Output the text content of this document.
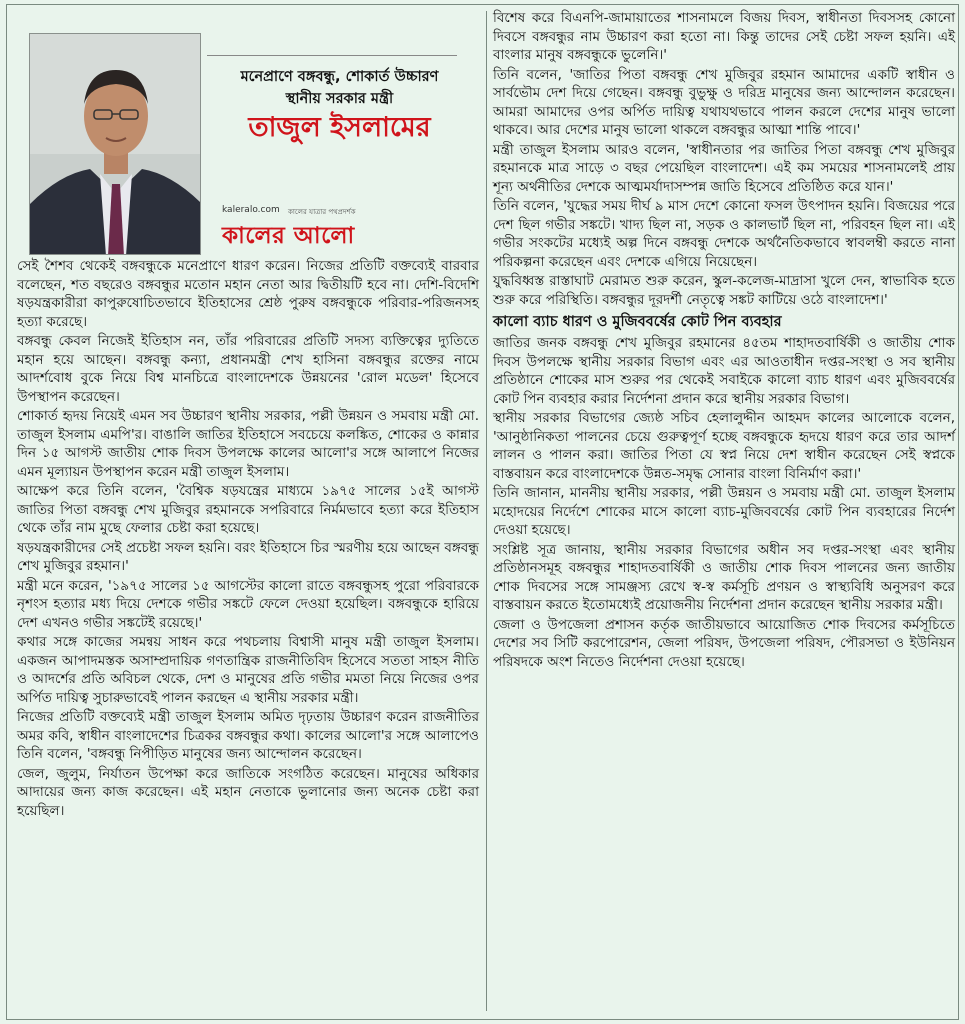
মনেপ্রাণে বঙ্গবন্ধু, শোকার্ত উচ্চারণ
স্থানীয় সরকার মন্ত্রী
তাজুল ইসলামের
kaleralo.com কালের যাত্রার পথপ্রদর্শক
কালের আলো

সেই শৈশব থেকেই বঙ্গবন্ধুকে মনেপ্রাণে ধারণ করেন। নিজের প্রতিটি বক্তব্যেই বারবার বলেছেন, শত বছরেও বঙ্গবন্ধুর মতোন মহান নেতা আর দ্বিতীয়টি হবে না। দেশি-বিদেশি ষড়যন্ত্রকারীরা কাপুরুষোচিতভাবে ইতিহাসের শ্রেষ্ঠ পুরুষ বঙ্গবন্ধুকে পরিবার-পরিজনসহ হত্যা করেছে।

বঙ্গবন্ধু কেবল নিজেই ইতিহাস নন, তাঁর পরিবারের প্রতিটি সদস্য ব্যক্তিত্বের দ্যুতিতে মহান হয়ে আছেন। বঙ্গবন্ধু কন্যা, প্রধানমন্ত্রী শেখ হাসিনা বঙ্গবন্ধুর রক্তের নামে আদর্শবোধ বুকে নিয়ে বিশ্ব মানচিত্রে বাংলাদেশকে উন্নয়নের 'রোল মডেল' হিসেবে উপস্থাপন করেছেন।

শোকার্ত হৃদয় নিয়েই এমন সব উচ্চারণ স্থানীয় সরকার, পল্লী উন্নয়ন ও সমবায় মন্ত্রী মো. তাজুল ইসলাম এমপি'র। বাঙালি জাতির ইতিহাসে সবচেয়ে কলঙ্কিত, শোকের ও কান্নার দিন ১৫ আগস্ট জাতীয় শোক দিবস উপলক্ষে কালের আলো'র সঙ্গে আলাপে নিজের এমন মূল্যায়ন উপস্থাপন করেন মন্ত্রী তাজুল ইসলাম।

আক্ষেপ করে তিনি বলেন, 'বৈশ্বিক ষড়যন্ত্রের মাধ্যমে ১৯৭৫ সালের ১৫ই আগস্ট জাতির পিতা বঙ্গবন্ধু শেখ মুজিবুর রহমানকে সপরিবারে নির্মমভাবে হত্যা করে ইতিহাস থেকে তাঁর নাম মুছে ফেলার চেষ্টা করা হয়েছে।

ষড়যন্ত্রকারীদের সেই প্রচেষ্টা সফল হয়নি। বরং ইতিহাসে চির স্মরণীয় হয়ে আছেন বঙ্গবন্ধু শেখ মুজিবুর রহমান।'

মন্ত্রী মনে করেন, '১৯৭৫ সালের ১৫ আগস্টের কালো রাতে বঙ্গবন্ধুসহ পুরো পরিবারকে নৃশংস হত্যার মধ্য দিয়ে দেশকে গভীর সঙ্কটে ফেলে দেওয়া হয়েছিল। বঙ্গবন্ধুকে হারিয়ে দেশ এখনও গভীর সঙ্কটেই রয়েছে।'

কথার সঙ্গে কাজের সমন্বয় সাধন করে পথচলায় বিশ্বাসী মানুষ মন্ত্রী তাজুল ইসলাম। একজন আপাদমস্তক অসাম্প্রদায়িক গণতান্ত্রিক রাজনীতিবিদ হিসেবে সততা সাহস নীতি ও আদর্শের প্রতি অবিচল থেকে, দেশ ও মানুষের প্রতি গভীর মমতা নিয়ে নিজের ওপর অর্পিত দায়িত্ব সুচারুভাবেই পালন করছেন এ স্থানীয় সরকার মন্ত্রী।

নিজের প্রতিটি বক্তব্যেই মন্ত্রী তাজুল ইসলাম অমিত দৃঢ়তায় উচ্চারণ করেন রাজনীতির অমর কবি, স্বাধীন বাংলাদেশের চিত্রকর বঙ্গবন্ধুর কথা। কালের আলো'র সঙ্গে আলাপেও তিনি বলেন, 'বঙ্গবন্ধু নিপীড়িত মানুষের জন্য আন্দোলন করেছেন।

জেল, জুলুম, নির্যাতন উপেক্ষা করে জাতিকে সংগঠিত করেছেন। মানুষের অধিকার আদায়ের জন্য কাজ করেছেন। এই মহান নেতাকে ভুলানোর জন্য অনেক চেষ্টা করা হয়েছিল।

বিশেষ করে বিএনপি-জামায়াতের শাসনামলে বিজয় দিবস, স্বাধীনতা দিবসসহ কোনো দিবসে বঙ্গবন্ধুর নাম উচ্চারণ করা হতো না। কিন্তু তাদের সেই চেষ্টা সফল হয়নি। এই বাংলার মানুষ বঙ্গবন্ধুকে ভুলেনি।'

তিনি বলেন, 'জাতির পিতা বঙ্গবন্ধু শেখ মুজিবুর রহমান আমাদের একটি স্বাধীন ও সার্বভৌম দেশ দিয়ে গেছেন। বঙ্গবন্ধু বুভুক্ষু ও দরিদ্র মানুষের জন্য আন্দোলন করেছেন। আমরা আমাদের ওপর অর্পিত দায়িত্ব যথাযথভাবে পালন করলে দেশের মানুষ ভালো থাকবে। আর দেশের মানুষ ভালো থাকলে বঙ্গবন্ধুর আত্মা শান্তি পাবে।'

মন্ত্রী তাজুল ইসলাম আরও বলেন, 'স্বাধীনতার পর জাতির পিতা বঙ্গবন্ধু শেখ মুজিবুর রহমানকে মাত্র সাড়ে ৩ বছর পেয়েছিল বাংলাদেশ। এই কম সময়ের শাসনামলেই প্রায় শূন্য অর্থনীতির দেশকে আত্মমর্যাদাসম্পন্ন জাতি হিসেবে প্রতিষ্ঠিত করে যান।'

তিনি বলেন, 'যুদ্ধের সময় দীর্ঘ ৯ মাস দেশে কোনো ফসল উৎপাদন হয়নি। বিজয়ের পরে দেশ ছিল গভীর সঙ্কটে। খাদ্য ছিল না, সড়ক ও কালভার্ট ছিল না, পরিবহন ছিল না। এই গভীর সংকটের মধ্যেই অল্প দিনে বঙ্গবন্ধু দেশকে অর্থনৈতিকভাবে স্বাবলম্বী করতে নানা পরিকল্পনা করেছেন এবং দেশকে এগিয়ে নিয়েছেন।

যুদ্ধবিধ্বস্ত রাস্তাঘাট মেরামত শুরু করেন, স্কুল-কলেজ-মাদ্রাসা খুলে দেন, স্বাভাবিক হতে শুরু করে পরিস্থিতি। বঙ্গবন্ধুর দূরদর্শী নেতৃত্বে সঙ্কট কাটিয়ে ওঠে বাংলাদেশ।'

কালো ব্যাচ ধারণ ও মুজিববর্ষের কোট পিন ব্যবহার

জাতির জনক বঙ্গবন্ধু শেখ মুজিবুর রহমানের ৪৫তম শাহাদতবার্ষিকী ও জাতীয় শোক দিবস উপলক্ষে স্থানীয় সরকার বিভাগ এবং এর আওতাধীন দপ্তর-সংস্থা ও সব স্থানীয় প্রতিষ্ঠানে শোকের মাস শুরুর পর থেকেই সবাইকে কালো ব্যাচ ধারণ এবং মুজিববর্ষের কোট পিন ব্যবহার করার নির্দেশনা প্রদান করে স্থানীয় সরকার বিভাগ।

স্থানীয় সরকার বিভাগের জ্যেষ্ঠ সচিব হেলালুদ্দীন আহমদ কালের আলোকে বলেন, 'আনুষ্ঠানিকতা পালনের চেয়ে গুরুত্বপূর্ণ হচ্ছে বঙ্গবন্ধুকে হৃদয়ে ধারণ করে তার আদর্শ লালন ও পালন করা। জাতির পিতা যে স্বপ্ন নিয়ে দেশ স্বাধীন করেছেন সেই স্বপ্নকে বাস্তবায়ন করে বাংলাদেশকে উন্নত-সমৃদ্ধ সোনার বাংলা বিনির্মাণ করা।'

তিনি জানান, মাননীয় স্থানীয় সরকার, পল্লী উন্নয়ন ও সমবায় মন্ত্রী মো. তাজুল ইসলাম মহোদয়ের নির্দেশে শোকের মাসে কালো ব্যাচ-মুজিববর্ষের কোট পিন ব্যবহারের নির্দেশ দেওয়া হয়েছে।

সংশ্লিষ্ট সূত্র জানায়, স্থানীয় সরকার বিভাগের অধীন সব দপ্তর-সংস্থা এবং স্থানীয় প্রতিষ্ঠানসমূহ বঙ্গবন্ধুর শাহাদতবার্ষিকী ও জাতীয় শোক দিবস পালনের জন্য জাতীয় শোক দিবসের সঙ্গে সামঞ্জস্য রেখে স্ব-স্ব কর্মসূচি প্রণয়ন ও স্বাস্থ্যবিধি অনুসরণ করে বাস্তবায়ন করতে ইতোমধ্যেই প্রয়োজনীয় নির্দেশনা প্রদান করেছেন স্থানীয় সরকার মন্ত্রী।

জেলা ও উপজেলা প্রশাসন কর্তৃক জাতীয়ভাবে আয়োজিত শোক দিবসের কর্মসূচিতে দেশের সব সিটি করপোরেশন, জেলা পরিষদ, উপজেলা পরিষদ, পৌরসভা ও ইউনিয়ন পরিষদকে অংশ নিতেও নির্দেশনা দেওয়া হয়েছে।
